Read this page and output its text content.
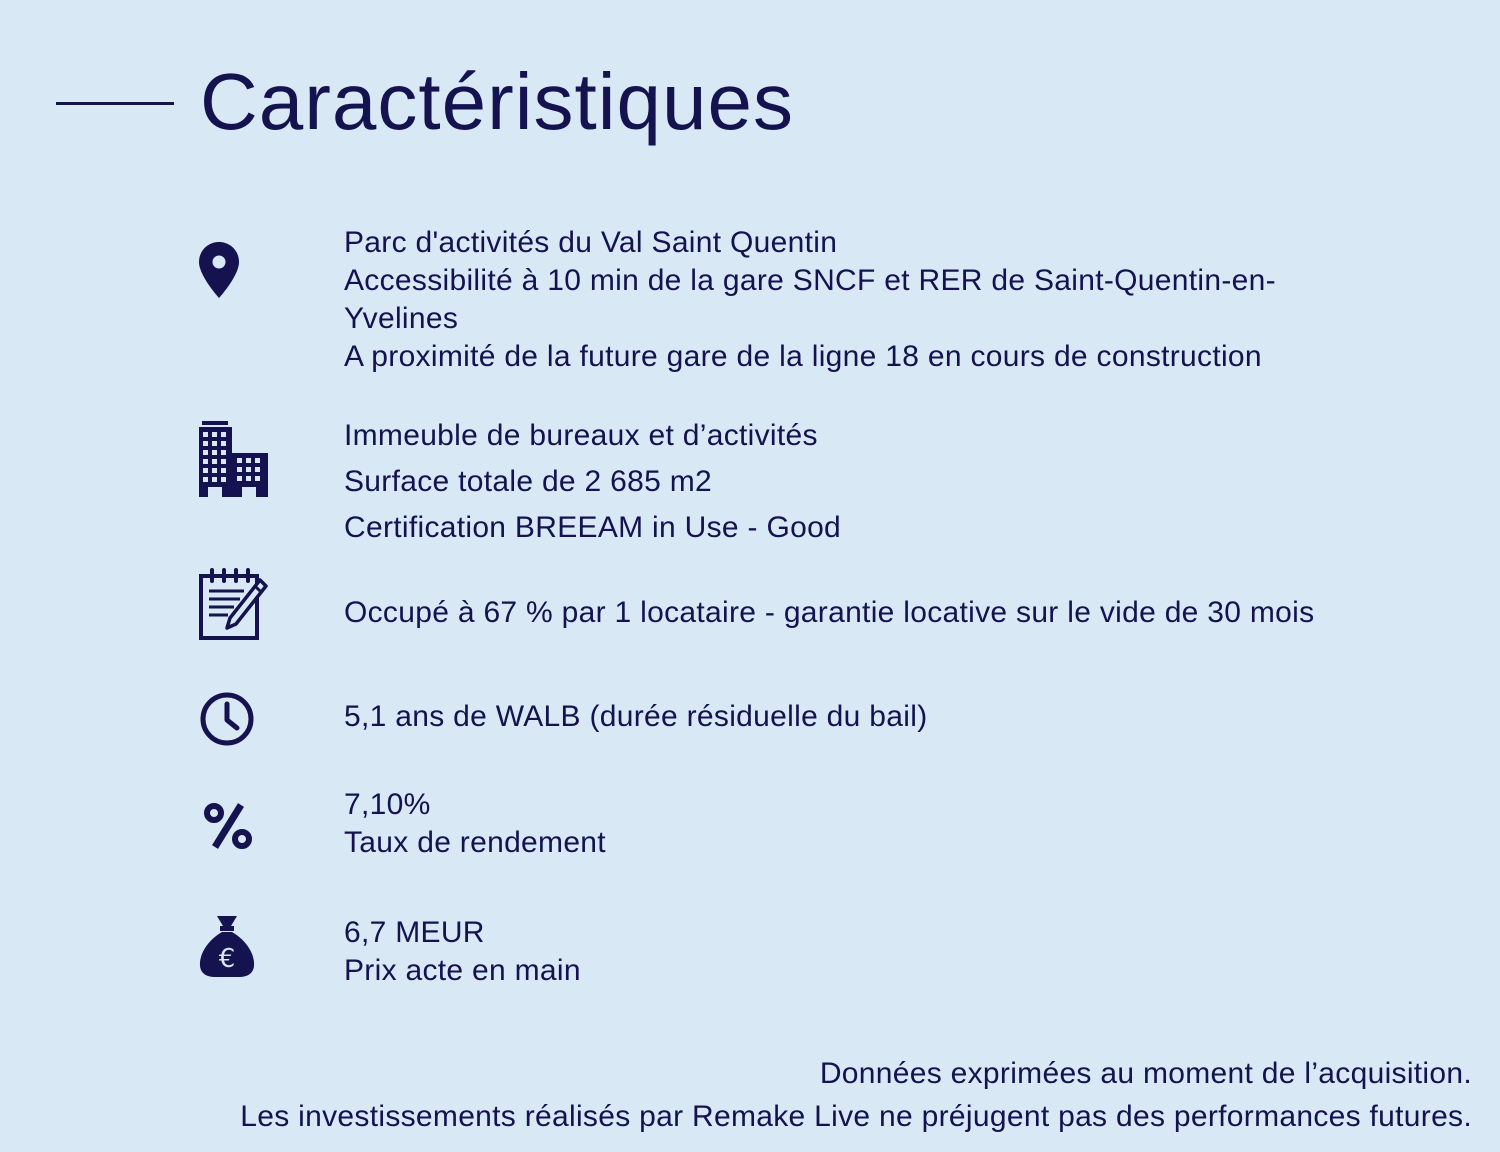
Caractéristiques
Parc d'activités du Val Saint Quentin
Accessibilité à 10 min de la gare SNCF et RER de Saint-Quentin-en-
Yvelines
A proximité de la future gare de la ligne 18 en cours de construction
Immeuble de bureaux et d’activités
Surface totale de 2 685 m2
Certification BREEAM in Use - Good
Occupé à 67 % par 1 locataire - garantie locative sur le vide de 30 mois
5,1 ans de WALB (durée résiduelle du bail)
7,10%
Taux de rendement
€
6,7 MEUR
Prix acte en main
Données exprimées au moment de l’acquisition.
Les investissements réalisés par Remake Live ne préjugent pas des performances futures.
